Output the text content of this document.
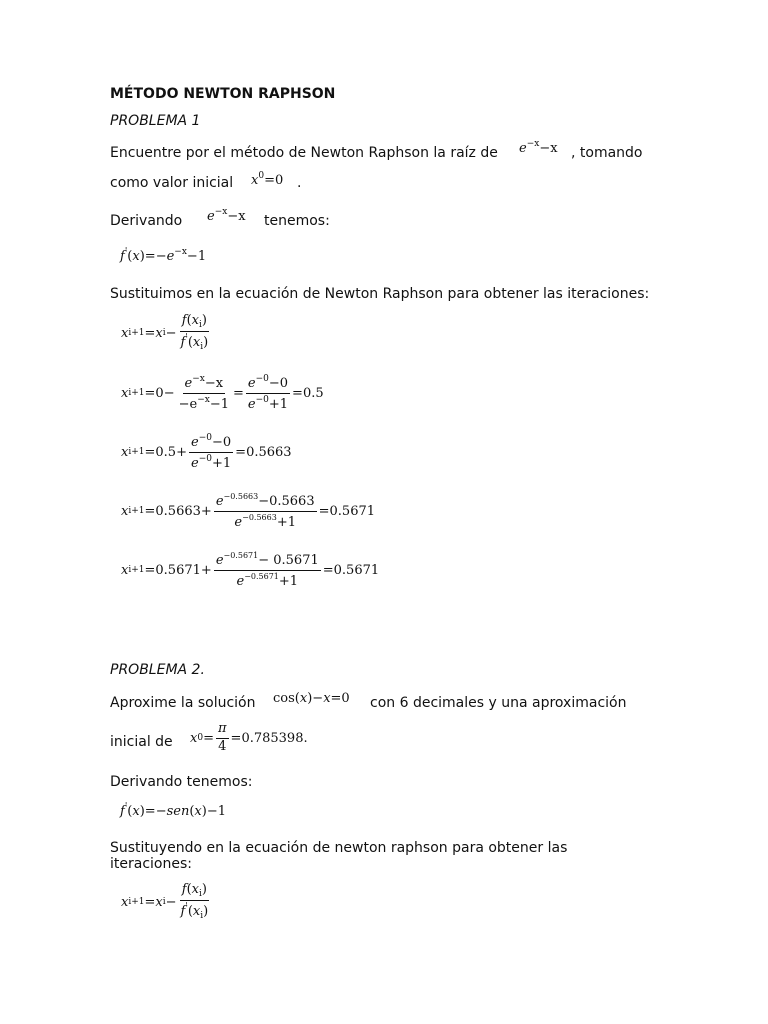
MÉTODO NEWTON RAPHSON
PROBLEMA 1
Encuentre por el método de Newton Raphson la raíz de $e^{-x}-x$ , tomando
como valor inicial $x^0=0$ .
Derivando $e^{-x}-x$ tenemos:
$f'(x)=-e^{-x}-1$
Sustituimos en la ecuación de Newton Raphson para obtener las iteraciones:
x i+1 = x $i - \frac{f(x_i)}{f'(x_i)}$
x $i+1 = 0 - \frac{e^{-x}-x}{-e^{-x}-1} = \frac{e^{-0}-0}{e^{-0}+1} = 0.5$
x $i+1 = 0.5 + \frac{e^{-0}-0}{e^{-0}+1} = 0.5663$
x $i+1 = 0.5663 + \frac{e^{-0.5663}-0.5663}{e^{-0.5663}+1} = 0.5671$
x $i+1 = 0.5671 + \frac{e^{-0.5671}- 0.5671}{e^{-0.5671}+1} = 0.5671$
PROBLEMA 2.
Aproxime la solución cos(x)−x=0 con 6 decimales y una aproximación
inicial de x $0 = \frac{\pi}{4} = 0.785398$ .
Derivando tenemos:
f'(x)=−sen(x)−1
Sustituyendo en la ecuación de newton raphson para obtener las
iteraciones:
x i+1 = x $i - \frac{f(x_i)}{f'(x_i)}$
